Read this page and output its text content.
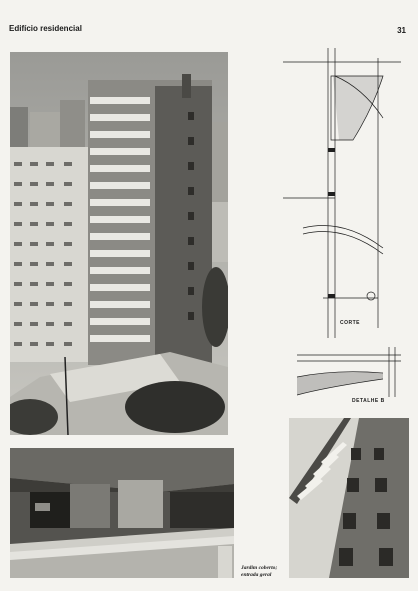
Edifício residencial	31
CORTE
DETALHE B
Jardim coberto;
entrada geral
